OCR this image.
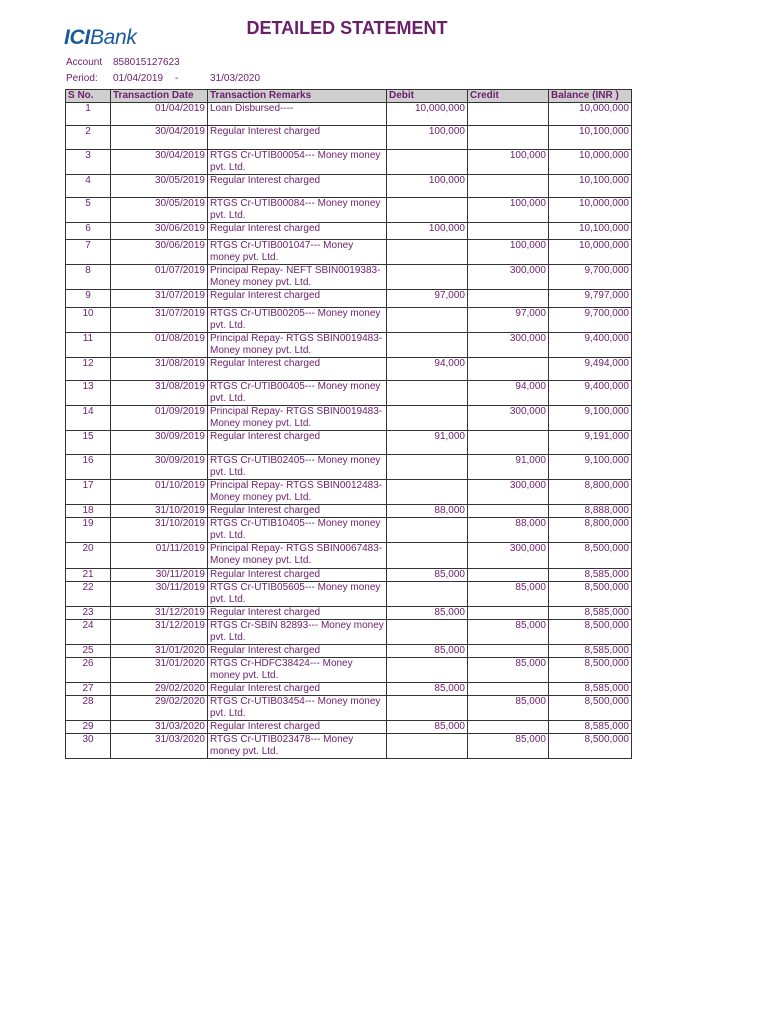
ICIBank	DETAILED STATEMENT
Account 858015127623
Period: 01/04/2019 -	31/03/2020
S No.	Transaction Date	Transaction Remarks	Debit	Credit	Balance (INR )
1	01/04/2019	Loan Disbursed----	10,000,000		10,000,000
2	30/04/2019	Regular Interest charged	100,000		10,100,000
3	30/04/2019	RTGS Cr-UTIB00054--- Money money pvt. Ltd.		100,000	10,000,000
4	30/05/2019	Regular Interest charged	100,000		10,100,000
5	30/05/2019	RTGS Cr-UTIB00084--- Money money pvt. Ltd.		100,000	10,000,000
6	30/06/2019	Regular Interest charged	100,000		10,100,000
7	30/06/2019	RTGS Cr-UTIB001047--- Money money pvt. Ltd.		100,000	10,000,000
8	01/07/2019	Principal Repay- NEFT SBIN0019383- Money money pvt. Ltd.		300,000	9,700,000
9	31/07/2019	Regular Interest charged	97,000		9,797,000
10	31/07/2019	RTGS Cr-UTIB00205--- Money money pvt. Ltd.		97,000	9,700,000
11	01/08/2019	Principal Repay- RTGS SBIN0019483- Money money pvt. Ltd.		300,000	9,400,000
12	31/08/2019	Regular Interest charged	94,000		9,494,000
13	31/08/2019	RTGS Cr-UTIB00405--- Money money pvt. Ltd.		94,000	9,400,000
14	01/09/2019	Principal Repay- RTGS SBIN0019483- Money money pvt. Ltd.		300,000	9,100,000
15	30/09/2019	Regular Interest charged	91,000		9,191,000
16	30/09/2019	RTGS Cr-UTIB02405--- Money money pvt. Ltd.		91,000	9,100,000
17	01/10/2019	Principal Repay- RTGS SBIN0012483- Money money pvt. Ltd.		300,000	8,800,000
18	31/10/2019	Regular Interest charged	88,000		8,888,000
19	31/10/2019	RTGS Cr-UTIB10405--- Money money pvt. Ltd.		88,000	8,800,000
20	01/11/2019	Principal Repay- RTGS SBIN0067483- Money money pvt. Ltd.		300,000	8,500,000
21	30/11/2019	Regular Interest charged	85,000		8,585,000
22	30/11/2019	RTGS Cr-UTIB05605--- Money money pvt. Ltd.		85,000	8,500,000
23	31/12/2019	Regular Interest charged	85,000		8,585,000
24	31/12/2019	RTGS Cr-SBIN 82893--- Money money pvt. Ltd.		85,000	8,500,000
25	31/01/2020	Regular Interest charged	85,000		8,585,000
26	31/01/2020	RTGS Cr-HDFC38424--- Money money pvt. Ltd.		85,000	8,500,000
27	29/02/2020	Regular Interest charged	85,000		8,585,000
28	29/02/2020	RTGS Cr-UTIB03454--- Money money pvt. Ltd.		85,000	8,500,000
29	31/03/2020	Regular Interest charged	85,000		8,585,000
30	31/03/2020	RTGS Cr-UTIB023478--- Money money pvt. Ltd.		85,000	8,500,000
